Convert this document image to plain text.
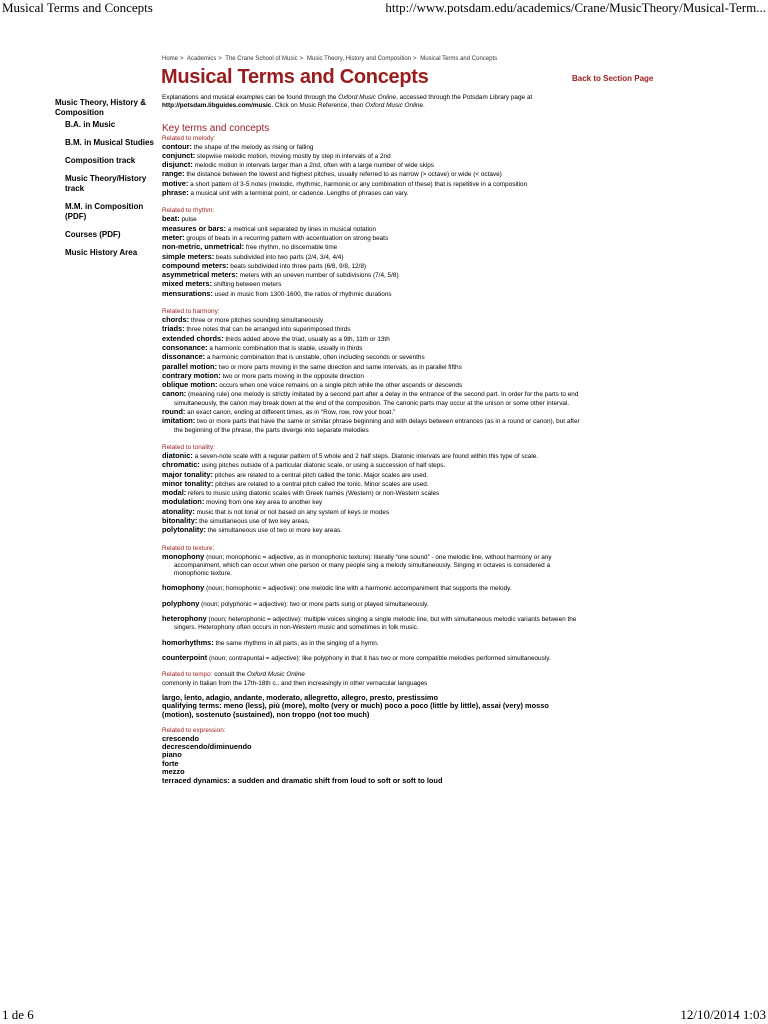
Musical Terms and Concepts	http://www.potsdam.edu/academics/Crane/MusicTheory/Musical-Term...
Home > Academics > The Crane School of Music > Music Theory, History and Composition > Musical Terms and Concepts
Musical Terms and Concepts	Back to Section Page
Music Theory, History & Composition
B.A. in Music
B.M. in Musical Studies
Composition track
Music Theory/History track
M.M. in Composition (PDF)
Courses (PDF)
Music History Area
Explanations and musical examples can be found through the Oxford Music Online, accessed through the Potsdam Library page at
http://potsdam.libguides.com/music. Click on Music Reference, then Oxford Music Online.
Key terms and concepts
Related to melody:
contour: the shape of the melody as rising or falling
conjunct: stepwise melodic motion, moving mostly by step in intervals of a 2nd
disjunct: melodic motion in intervals larger than a 2nd, often with a large number of wide skips
range: the distance between the lowest and highest pitches, usually referred to as narrow (> octave) or wide (< octave)
motive: a short pattern of 3-5 notes (melodic, rhythmic, harmonic or any combination of these) that is repetitive in a composition
phrase: a musical unit with a terminal point, or cadence. Lengths of phrases can vary.
Related to rhythm:
beat: pulse
measures or bars: a metrical unit separated by lines in musical notation
meter: groups of beats in a recurring pattern with accentuation on strong beats
non-metric, unmetrical: free rhythm, no discernable time
simple meters: beats subdivided into two parts (2/4, 3/4, 4/4)
compound meters: beats subdivided into three parts (6/8, 9/8, 12/8)
asymmetrical meters: meters with an uneven number of subdivisions (7/4, 5/8)
mixed meters: shifting between meters
mensurations: used in music from 1300-1600, the ratios of rhythmic durations
Related to harmony:
chords: three or more pitches sounding simultaneously
triads: three notes that can be arranged into superimposed thirds
extended chords: thirds added above the triad, usually as a 9th, 11th or 13th
consonance: a harmonic combination that is stable, usually in thirds
dissonance: a harmonic combination that is unstable, often including seconds or sevenths
parallel motion: two or more parts moving in the same direction and same intervals, as in parallel fifths
contrary motion: two or more parts moving in the opposite direction
oblique motion: occurs when one voice remains on a single pitch while the other ascends or descends
canon: (meaning rule) one melody is strictly imitated by a second part after a delay in the entrance of the second part. In order for the parts to end simultaneously, the canon may break down at the end of the composition. The canonic parts may occur at the unison or some other interval.
round: an exact canon, ending at different times, as in “Row, row, row your boat.”
imitation: two or more parts that have the same or similar phrase beginning and with delays between entrances (as in a round or canon), but after the beginning of the phrase, the parts diverge into separate melodies
Related to tonality:
diatonic: a seven-note scale with a regular pattern of 5 whole and 2 half steps. Diatonic intervals are found within this type of scale.
chromatic: using pitches outside of a particular diatonic scale, or using a succession of half steps.
major tonality: pitches are related to a central pitch called the tonic. Major scales are used.
minor tonality: pitches are related to a central pitch called the tonic. Minor scales are used.
modal: refers to music using diatonic scales with Greek names (Western) or non-Western scales
modulation: moving from one key area to another key
atonality: music that is not tonal or not based on any system of keys or modes
bitonality: the simultaneous use of two key areas.
polytonality: the simultaneous use of two or more key areas.
Related to texture:
monophony (noun; monophonic = adjective, as in monophonic texture): literally “one sound” - one melodic line, without harmony or any accompaniment, which can occur when one person or many people sing a melody simultaneously. Singing in octaves is considered a monophonic texture.
homophony (noun; homophonic = adjective): one melodic line with a harmonic accompaniment that supports the melody.
polyphony (noun; polyphonic = adjective): two or more parts sung or played simultaneously.
heterophony (noun; heterophonic = adjective): multiple voices singing a single melodic line, but with simultaneous melodic variants between the singers. Heterophony often occurs in non-Western music and sometimes in folk music.
homorhythms: the same rhythms in all parts, as in the singing of a hymn.
counterpoint (noun; contrapuntal = adjective): like polyphony in that it has two or more compatible melodies performed simultaneously.
Related to tempo: consult the Oxford Music Online
commonly in Italian from the 17th-18th c., and then increasingly in other vernacular languages
largo, lento, adagio, andante, moderato, allegretto, allegro, presto, prestissimo
qualifying terms: meno (less), più (more), molto (very or much) poco a poco (little by little), assai (very) mosso (motion), sostenuto (sustained), non troppo (not too much)
Related to expression:
crescendo
decrescendo/diminuendo
piano
forte
mezzo
terraced dynamics: a sudden and dramatic shift from loud to soft or soft to loud
1 de 6	12/10/2014 1:03
